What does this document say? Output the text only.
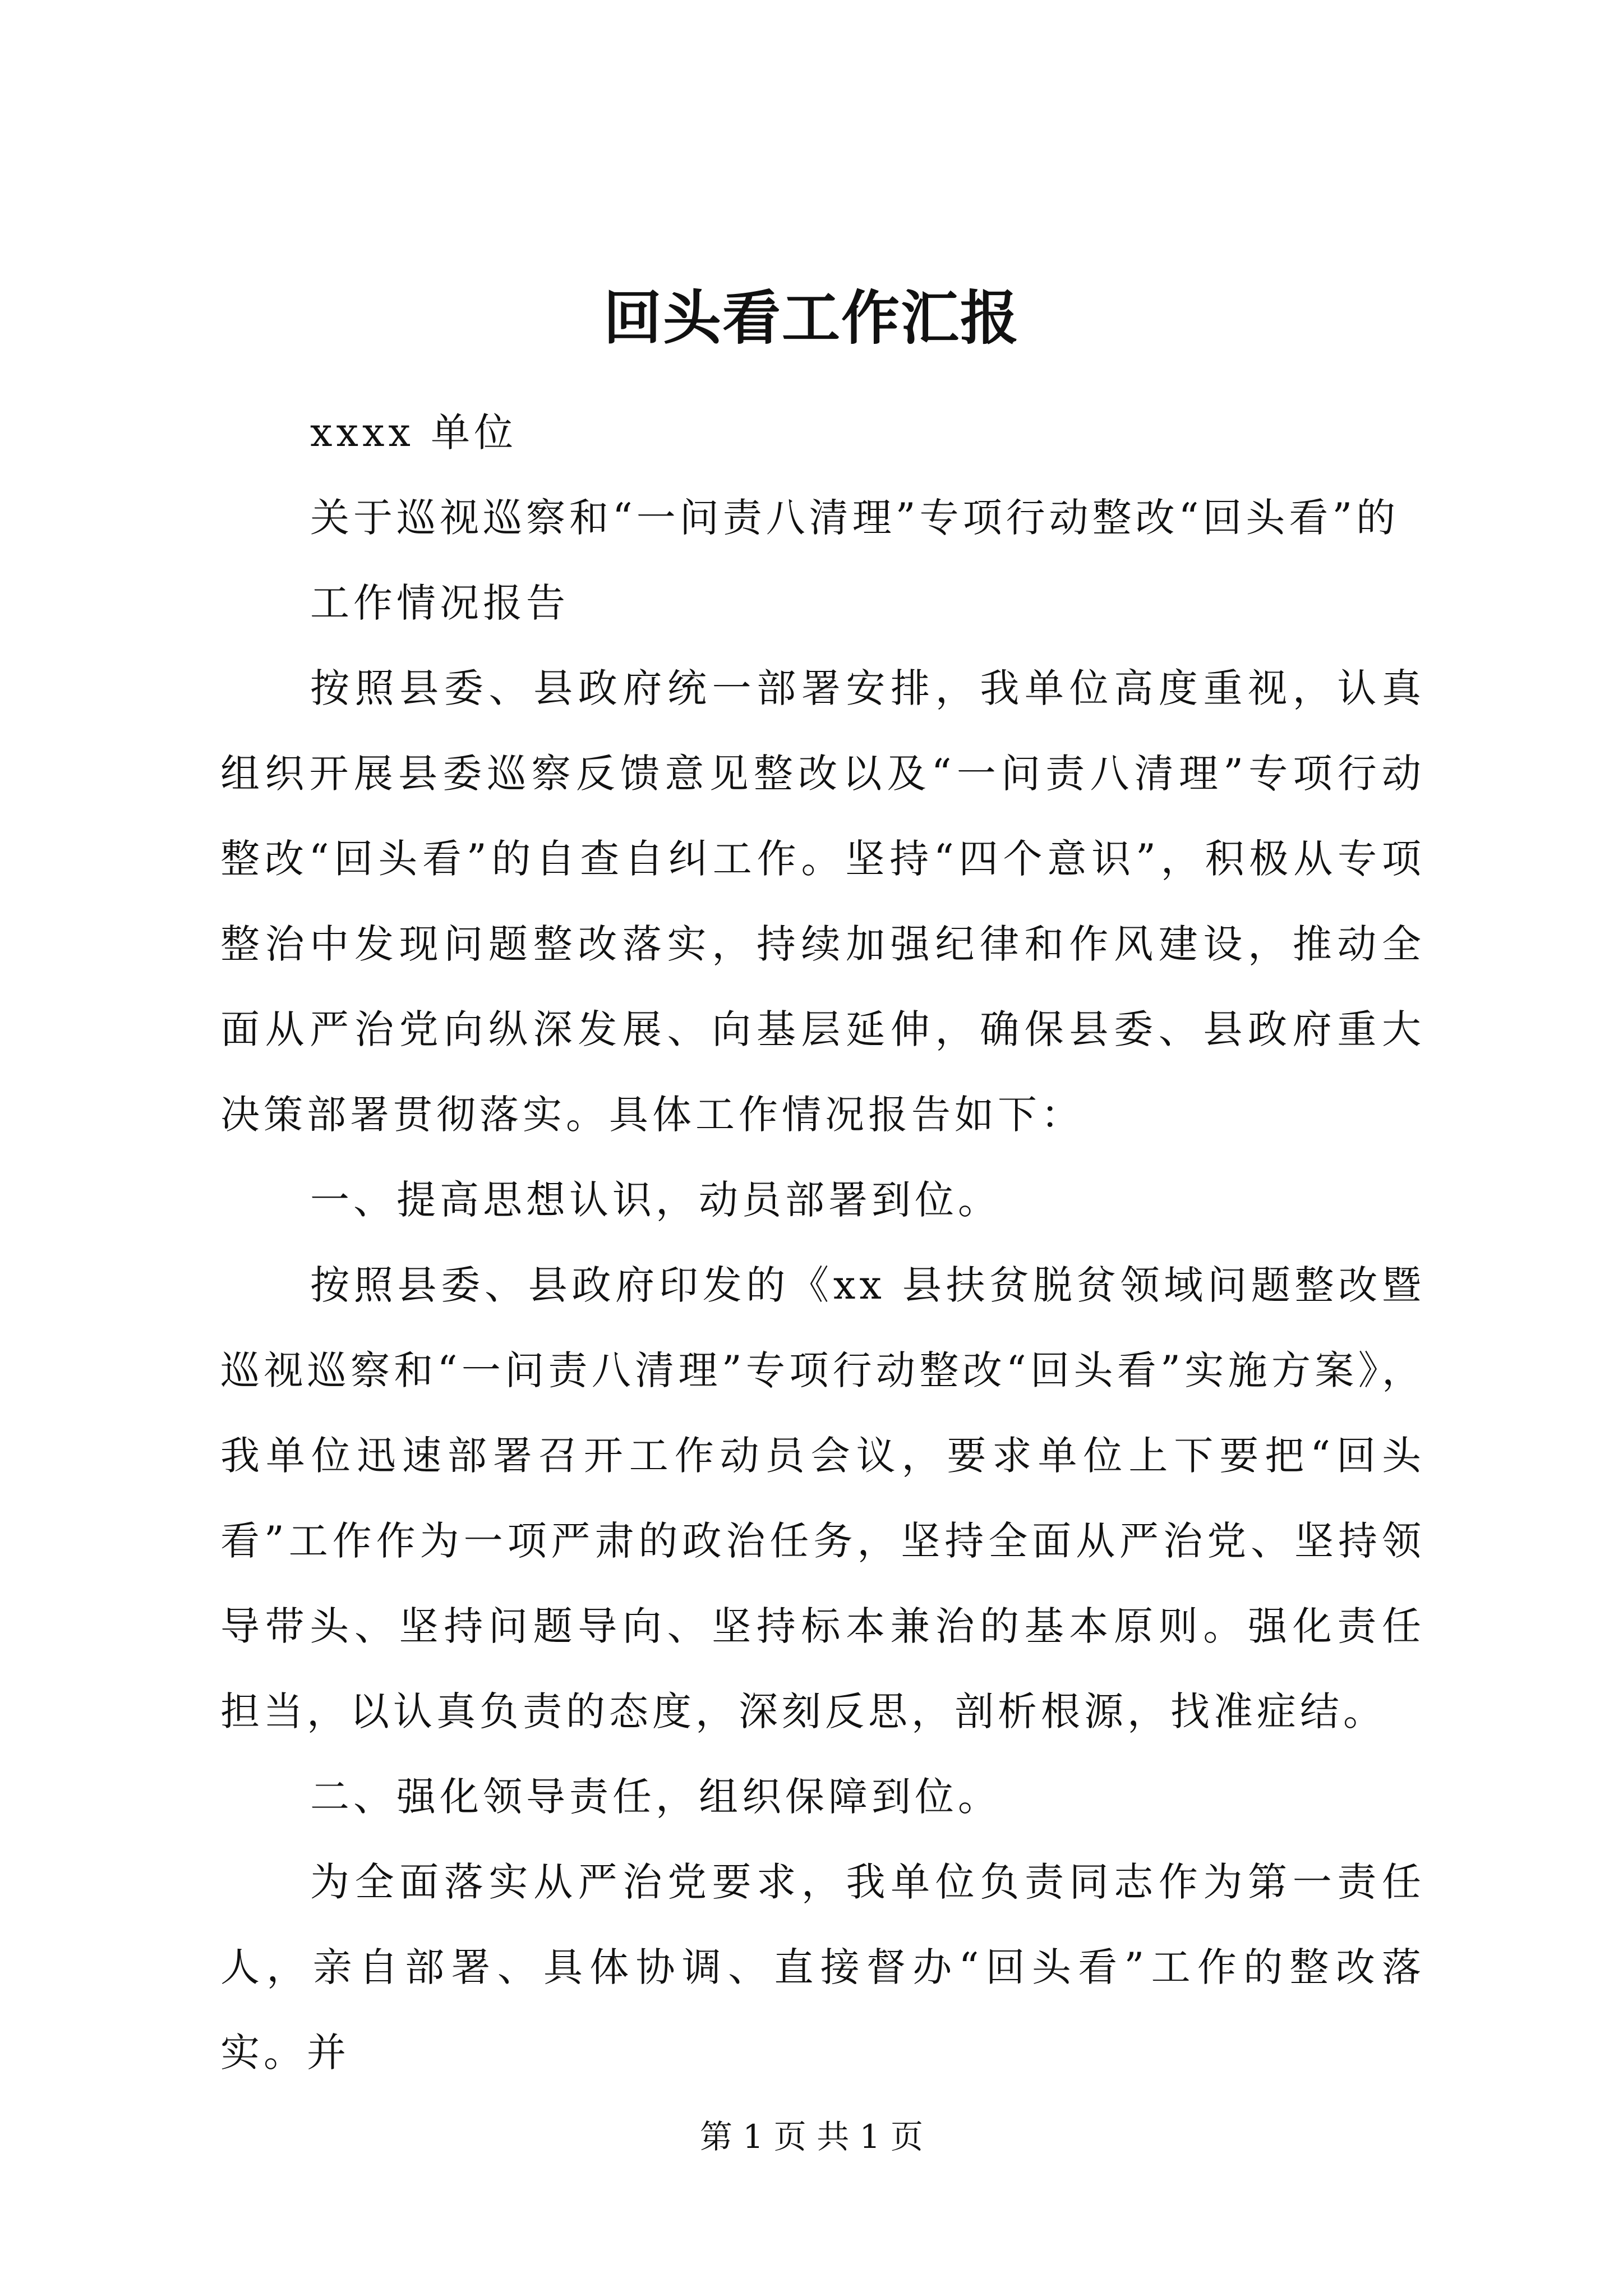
回头看工作汇报

xxxx 单位

关于巡视巡察和“一问责八清理”专项行动整改“回头看”的

工作情况报告

按照县委、县政府统一部署安排，我单位高度重视，认真组织开展县委巡察反馈意见整改以及“一问责八清理”专项行动整改“回头看”的自查自纠工作。坚持“四个意识”，积极从专项整治中发现问题整改落实，持续加强纪律和作风建设，推动全面从严治党向纵深发展、向基层延伸，确保县委、县政府重大决策部署贯彻落实。具体工作情况报告如下：

一、提高思想认识，动员部署到位。

按照县委、县政府印发的《xx 县扶贫脱贫领域问题整改暨巡视巡察和“一问责八清理”专项行动整改“回头看”实施方案》，我单位迅速部署召开工作动员会议，要求单位上下要把“回头看”工作作为一项严肃的政治任务，坚持全面从严治党、坚持领导带头、坚持问题导向、坚持标本兼治的基本原则。强化责任担当，以认真负责的态度，深刻反思，剖析根源，找准症结。

二、强化领导责任，组织保障到位。

为全面落实从严治党要求，我单位负责同志作为第一责任人，亲自部署、具体协调、直接督办“回头看”工作的整改落实。并

第 1 页 共 1 页
